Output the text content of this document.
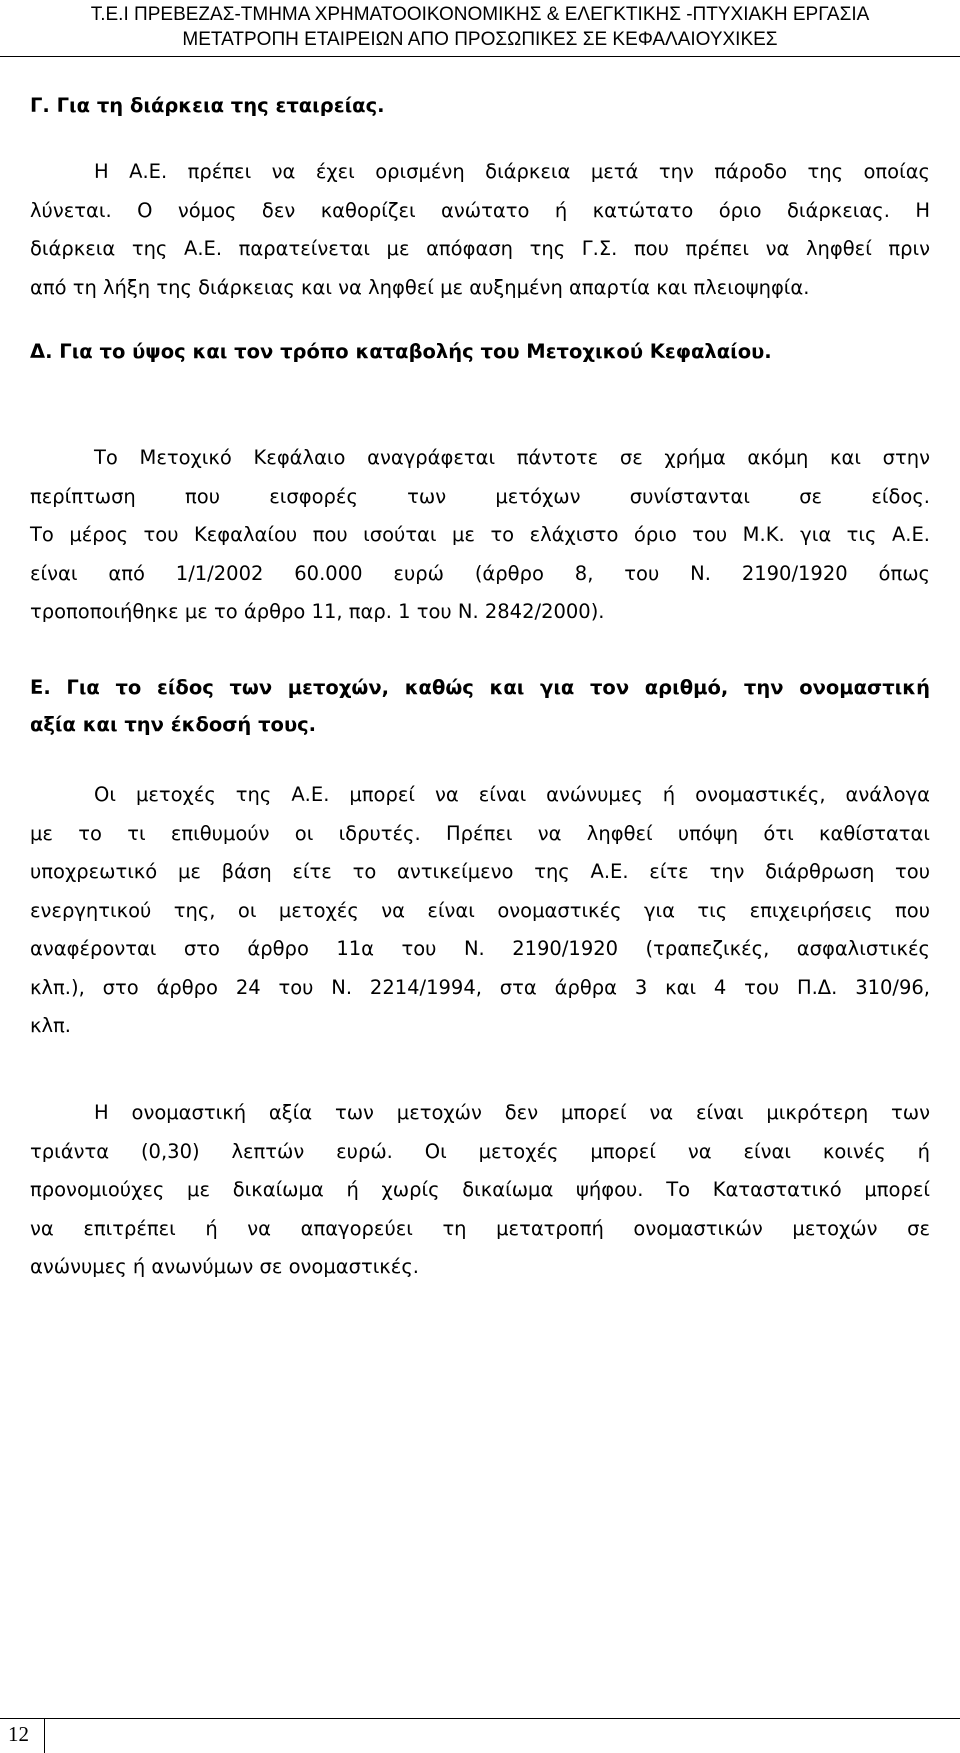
Τ.Ε.Ι ΠΡΕΒΕΖΑΣ-ΤΜΗΜΑ ΧΡΗΜΑΤΟΟΙΚΟΝΟΜΙΚΗΣ & ΕΛΕΓΚΤΙΚΗΣ -ΠΤΥΧΙΑΚΗ ΕΡΓΑΣΙΑ
ΜΕΤΑΤΡΟΠΗ ΕΤΑΙΡΕΙΩΝ ΑΠΟ ΠΡΟΣΩΠΙΚΕΣ ΣΕ ΚΕΦΑΛΑΙΟΥΧΙΚΕΣ
Γ. Για τη διάρκεια της εταιρείας.
Η Α.Ε. πρέπει να έχει ορισμένη διάρκεια μετά την πάροδο της οποίας
λύνεται. Ο νόμος δεν καθορίζει ανώτατο ή κατώτατο όριο διάρκειας. Η
διάρκεια της Α.Ε. παρατείνεται με απόφαση της Γ.Σ. που πρέπει να ληφθεί πριν
από τη λήξη της διάρκειας και να ληφθεί με αυξημένη απαρτία και πλειοψηφία.
Δ. Για το ύψος και τον τρόπο καταβολής του Μετοχικού Κεφαλαίου.
Το Μετοχικό Κεφάλαιο αναγράφεται πάντοτε σε χρήμα ακόμη και στην
περίπτωση που εισφορές των μετόχων συνίστανται σε είδος.
Το μέρος του Κεφαλαίου που ισούται με το ελάχιστο όριο του Μ.Κ. για τις Α.Ε.
είναι από 1/1/2002 60.000 ευρώ (άρθρο 8, του Ν. 2190/1920 όπως
τροποποιήθηκε με το άρθρο 11, παρ. 1 του Ν. 2842/2000).
Ε. Για το είδος των μετοχών, καθώς και για τον αριθμό, την ονομαστική
αξία και την έκδοσή τους.
Οι μετοχές της Α.Ε. μπορεί να είναι ανώνυμες ή ονομαστικές, ανάλογα
με το τι επιθυμούν οι ιδρυτές. Πρέπει να ληφθεί υπόψη ότι καθίσταται
υποχρεωτικό με βάση είτε το αντικείμενο της Α.Ε. είτε την διάρθρωση του
ενεργητικού της, οι μετοχές να είναι ονομαστικές για τις επιχειρήσεις που
αναφέρονται στο άρθρο 11α του Ν. 2190/1920 (τραπεζικές, ασφαλιστικές
κλπ.), στο άρθρο 24 του Ν. 2214/1994, στα άρθρα 3 και 4 του Π.Δ. 310/96,
κλπ.
Η ονομαστική αξία των μετοχών δεν μπορεί να είναι μικρότερη των
τριάντα (0,30) λεπτών ευρώ. Οι μετοχές μπορεί να είναι κοινές ή
προνομιούχες με δικαίωμα ή χωρίς δικαίωμα ψήφου. Το Καταστατικό μπορεί
να επιτρέπει ή να απαγορεύει τη μετατροπή ονομαστικών μετοχών σε
ανώνυμες ή ανωνύμων σε ονομαστικές.
12
